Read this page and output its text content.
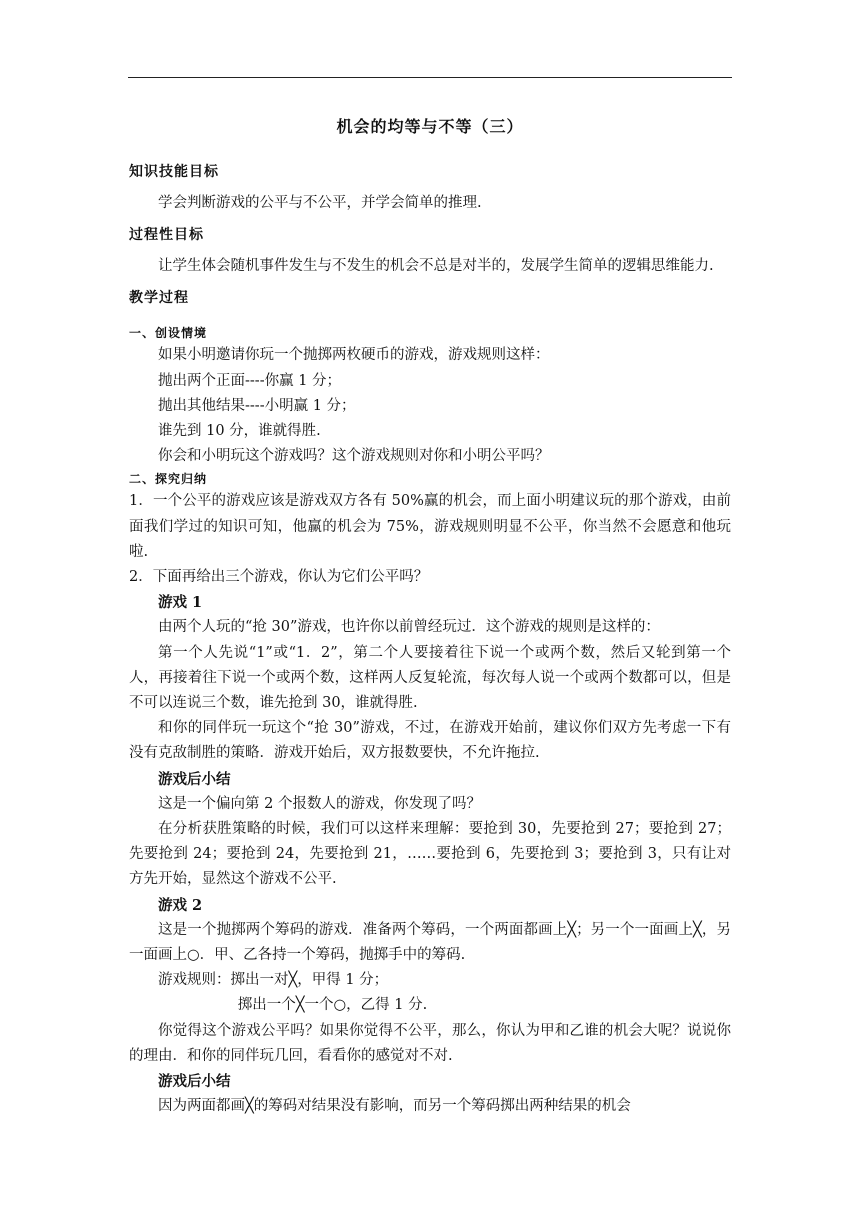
机会的均等与不等（三）
知识技能目标

学会判断游戏的公平与不公平，并学会简单的推理.

过程性目标

让学生体会随机事件发生与不发生的机会不总是对半的，发展学生简单的逻辑思维能力.

教学过程
一、创设情境

如果小明邀请你玩一个抛掷两枚硬币的游戏，游戏规则这样：

抛出两个正面----你赢 1 分；

抛出其他结果----小明赢 1 分；

谁先到 10 分，谁就得胜.

你会和小明玩这个游戏吗？这个游戏规则对你和小明公平吗？

二、探究归纳

1．一个公平的游戏应该是游戏双方各有 50%赢的机会，而上面小明建议玩的那个游戏，由前面我们学过的知识可知，他赢的机会为 75%，游戏规则明显不公平，你当然不会愿意和他玩啦.

2．下面再给出三个游戏，你认为它们公平吗？

游戏 1

由两个人玩的“抢 30”游戏，也许你以前曾经玩过．这个游戏的规则是这样的：

第一个人先说“1”或“1．2”，第二个人要接着往下说一个或两个数，然后又轮到第一个人，再接着往下说一个或两个数，这样两人反复轮流，每次每人说一个或两个数都可以，但是不可以连说三个数，谁先抢到 30，谁就得胜.

和你的同伴玩一玩这个“抢 30”游戏，不过，在游戏开始前，建议你们双方先考虑一下有没有克敌制胜的策略．游戏开始后，双方报数要快，不允许拖拉.

游戏后小结

这是一个偏向第 2 个报数人的游戏，你发现了吗？

在分析获胜策略的时候，我们可以这样来理解：要抢到 30，先要抢到 27；要抢到 27；先要抢到 24；要抢到 24，先要抢到 21，……要抢到 6，先要抢到 3；要抢到 3，只有让对方先开始，显然这个游戏不公平.

游戏 2

这是一个抛掷两个筹码的游戏．准备两个筹码，一个两面都画上╳；另一个一面画上╳，另一面画上○．甲、乙各持一个筹码，抛掷手中的筹码.

游戏规则：掷出一对╳，甲得 1 分；

掷出一个╳一个○，乙得 1 分.

你觉得这个游戏公平吗？如果你觉得不公平，那么，你认为甲和乙谁的机会大呢？说说你的理由．和你的同伴玩几回，看看你的感觉对不对.

游戏后小结

因为两面都画╳的筹码对结果没有影响，而另一个筹码掷出两种结果的机会
